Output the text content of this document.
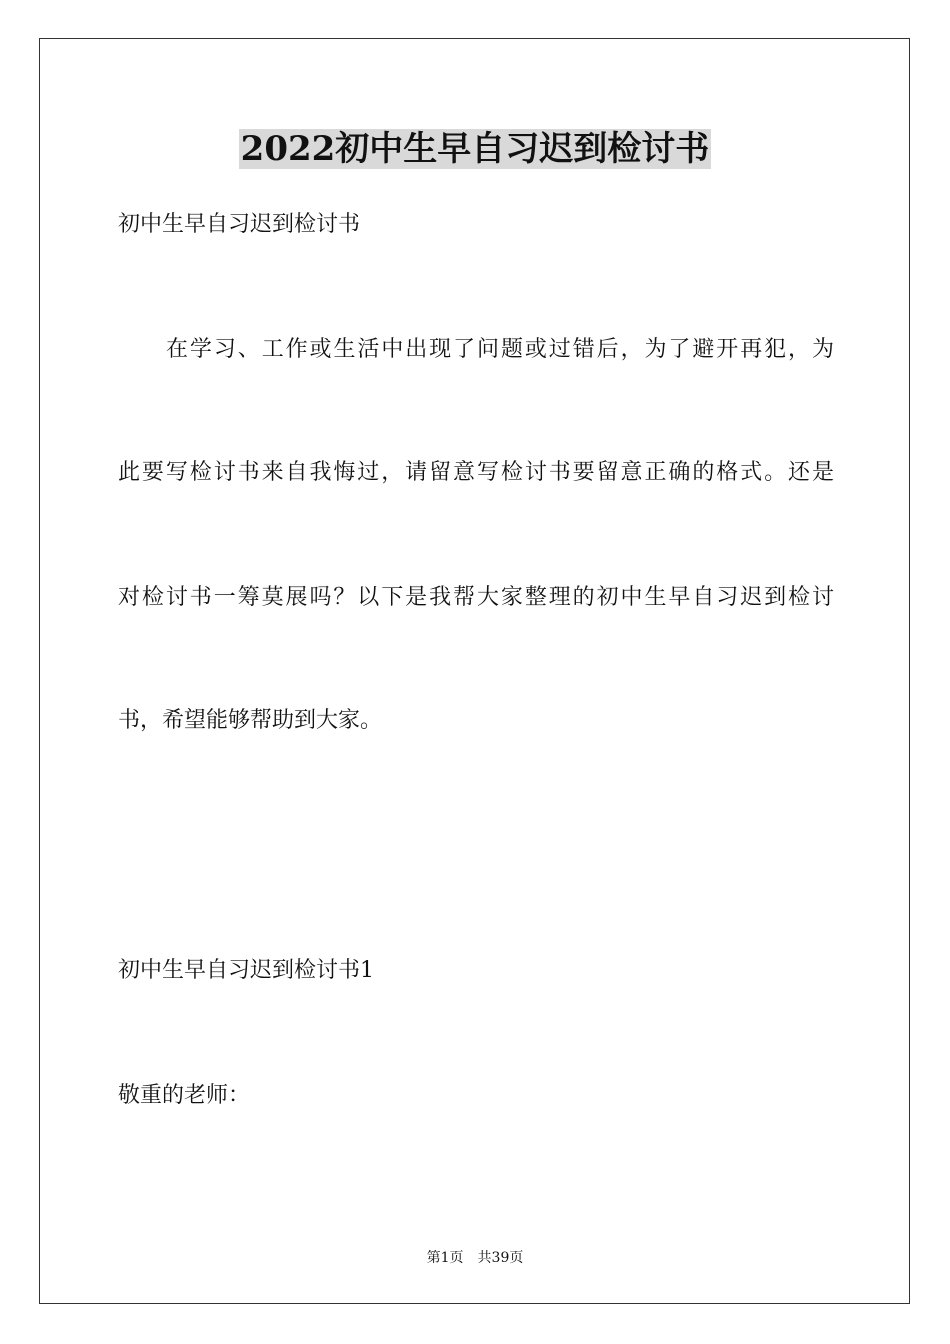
2022初中生早自习迟到检讨书

初中生早自习迟到检讨书

在学习、工作或生活中出现了问题或过错后，为了避开再犯，为

此要写检讨书来自我悔过，请留意写检讨书要留意正确的格式。还是

对检讨书一筹莫展吗？以下是我帮大家整理的初中生早自习迟到检讨

书，希望能够帮助到大家。

初中生早自习迟到检讨书1

敬重的老师：

第1页　共39页
